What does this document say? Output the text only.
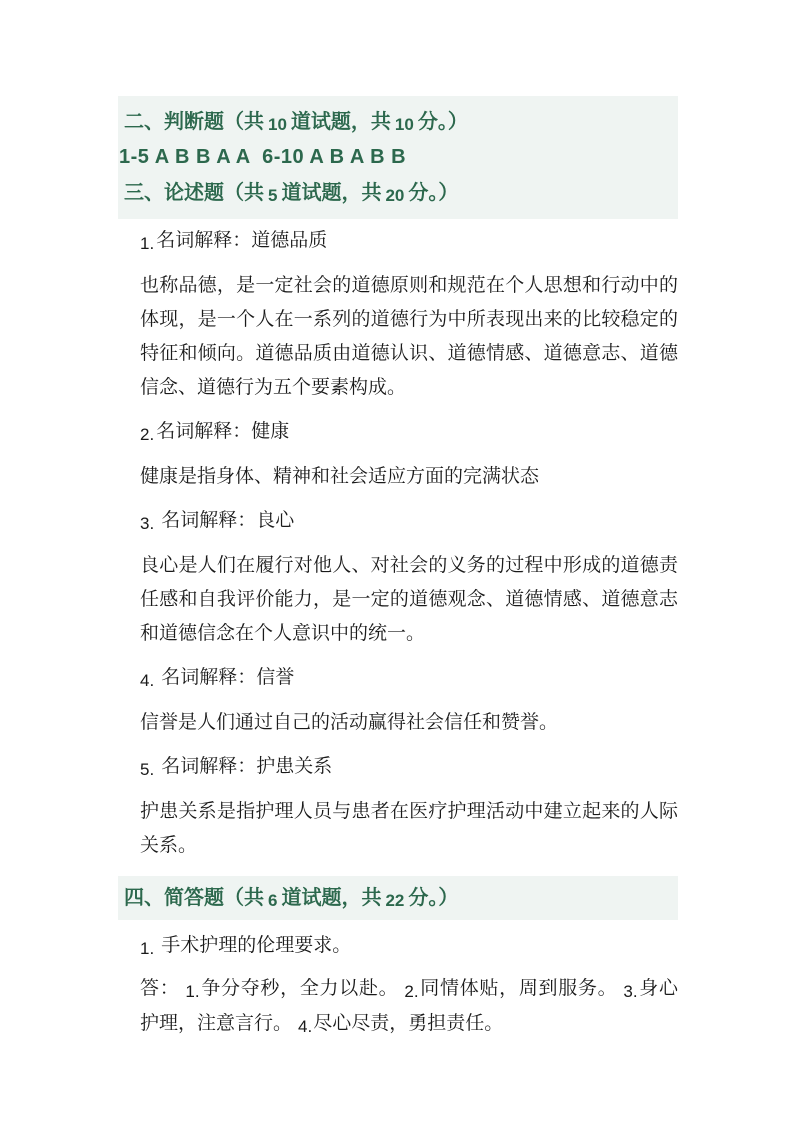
二、判断题（共 10 道试题，共 10 分。）
1-5 A B B A A  6-10 A B A B B
三、论述题（共 5 道试题，共 20 分。）
1. 名词解释：道德品质
也称品德，是一定社会的道德原则和规范在个人思想和行动中的体现，是一个人在一系列的道德行为中所表现出来的比较稳定的特征和倾向。道德品质由道德认识、道德情感、道德意志、道德信念、道德行为五个要素构成。
2. 名词解释：健康
健康是指身体、精神和社会适应方面的完满状态
3. 名词解释：良心
良心是人们在履行对他人、对社会的义务的过程中形成的道德责任感和自我评价能力，是一定的道德观念、道德情感、道德意志和道德信念在个人意识中的统一。
4. 名词解释：信誉
信誉是人们通过自己的活动赢得社会信任和赞誉。
5. 名词解释：护患关系
护患关系是指护理人员与患者在医疗护理活动中建立起来的人际关系。
四、简答题（共 6 道试题，共 22 分。）
1. 手术护理的伦理要求。
答： 1.争分夺秒，全力以赴。 2.同情体贴，周到服务。 3.身心护理，注意言行。 4.尽心尽责，勇担责任。
